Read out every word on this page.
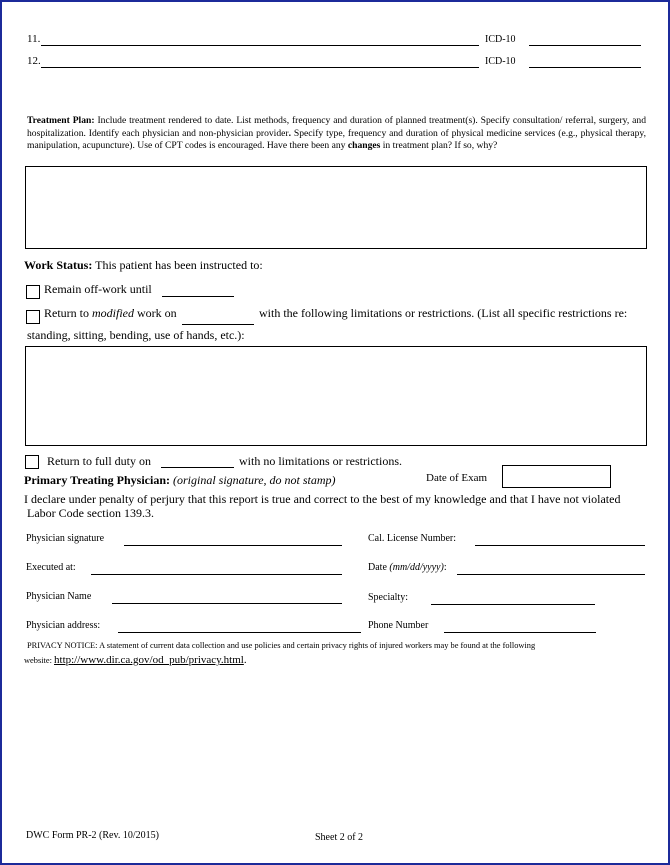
11.	ICD-10
12.	ICD-10
Treatment Plan: Include treatment rendered to date. List methods, frequency and duration of planned treatment(s). Specify consultation/ referral, surgery, and hospitalization. Identify each physician and non-physician provider. Specify type, frequency and duration of physical medicine services (e.g., physical therapy, manipulation, acupuncture). Use of CPT codes is encouraged. Have there been any changes in treatment plan? If so, why?
Work Status: This patient has been instructed to:
Remain off-work until
Return to modified work on	with the following limitations or restrictions. (List all specific restrictions re:
standing, sitting, bending, use of hands, etc.):
Return to full duty on	with no limitations or restrictions.
Primary Treating Physician: (original signature, do not stamp)	Date of Exam
I declare under penalty of perjury that this report is true and correct to the best of my knowledge and that I have not violated
Labor Code section 139.3.
Physician signature	Cal. License Number:
Executed at:	Date (mm/dd/yyyy):
Physician Name	Specialty:
Physician address:	Phone Number
PRIVACY NOTICE: A statement of current data collection and use policies and certain privacy rights of injured workers may be found at the following
website: http://www.dir.ca.gov/od_pub/privacy.html.
DWC Form PR-2 (Rev. 10/2015)	Sheet 2 of 2
